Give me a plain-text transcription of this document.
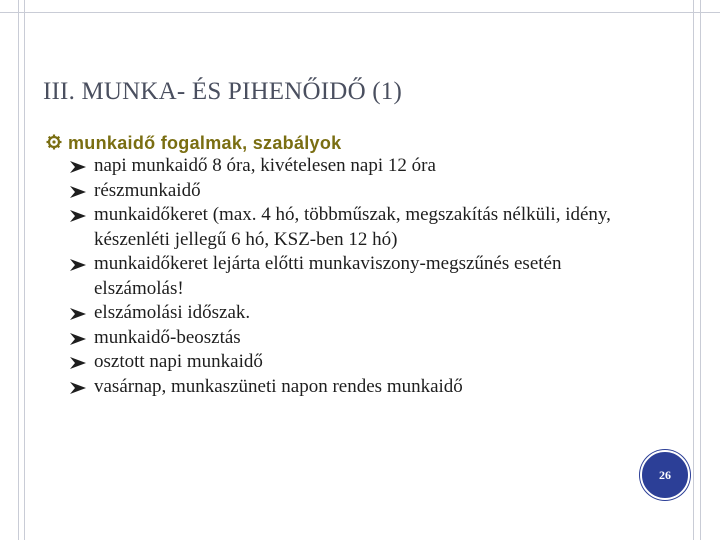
III. MUNKA- ÉS PIHENŐIDŐ (1)
munkaidő fogalmak, szabályok
napi munkaidő 8 óra, kivételesen napi 12 óra
részmunkaidő
munkaidőkeret (max. 4 hó, többműszak, megszakítás nélküli, idény, készenléti jellegű 6 hó, KSZ-ben 12 hó)
munkaidőkeret lejárta előtti munkaviszony-megszűnés esetén elszámolás!
elszámolási időszak.
munkaidő-beosztás
osztott napi munkaidő
vasárnap, munkaszüneti napon rendes munkaidő
26
